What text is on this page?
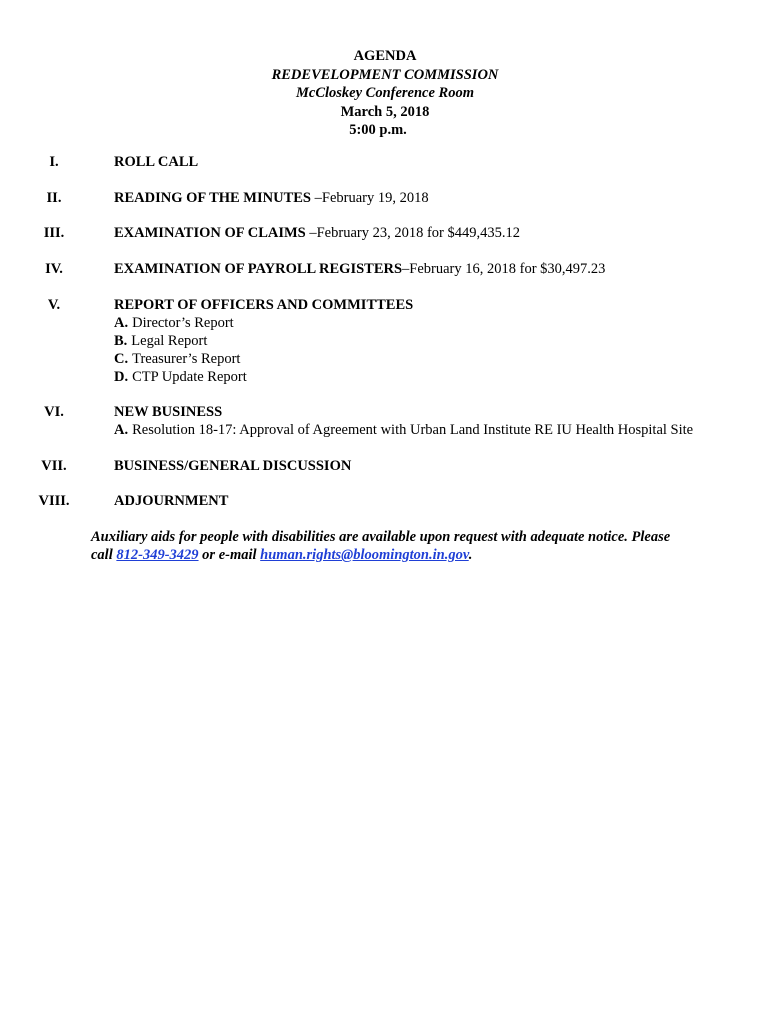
AGENDA
REDEVELOPMENT COMMISSION
McCloskey Conference Room
March 5, 2018
5:00 p.m.
I.	ROLL CALL
II.	READING OF THE MINUTES –February 19, 2018
III.	EXAMINATION OF CLAIMS –February 23, 2018 for $449,435.12
IV.	EXAMINATION OF PAYROLL REGISTERS–February 16, 2018 for $30,497.23
V.	REPORT OF OFFICERS AND COMMITTEES
A. Director’s Report
B. Legal Report
C. Treasurer’s Report
D. CTP Update Report
VI.	NEW BUSINESS
A. Resolution 18-17: Approval of Agreement with Urban Land Institute RE IU Health Hospital Site
VII.	BUSINESS/GENERAL DISCUSSION
VIII.	ADJOURNMENT
Auxiliary aids for people with disabilities are available upon request with adequate notice. Please
call 812-349-3429 or e-mail human.rights@bloomington.in.gov.
